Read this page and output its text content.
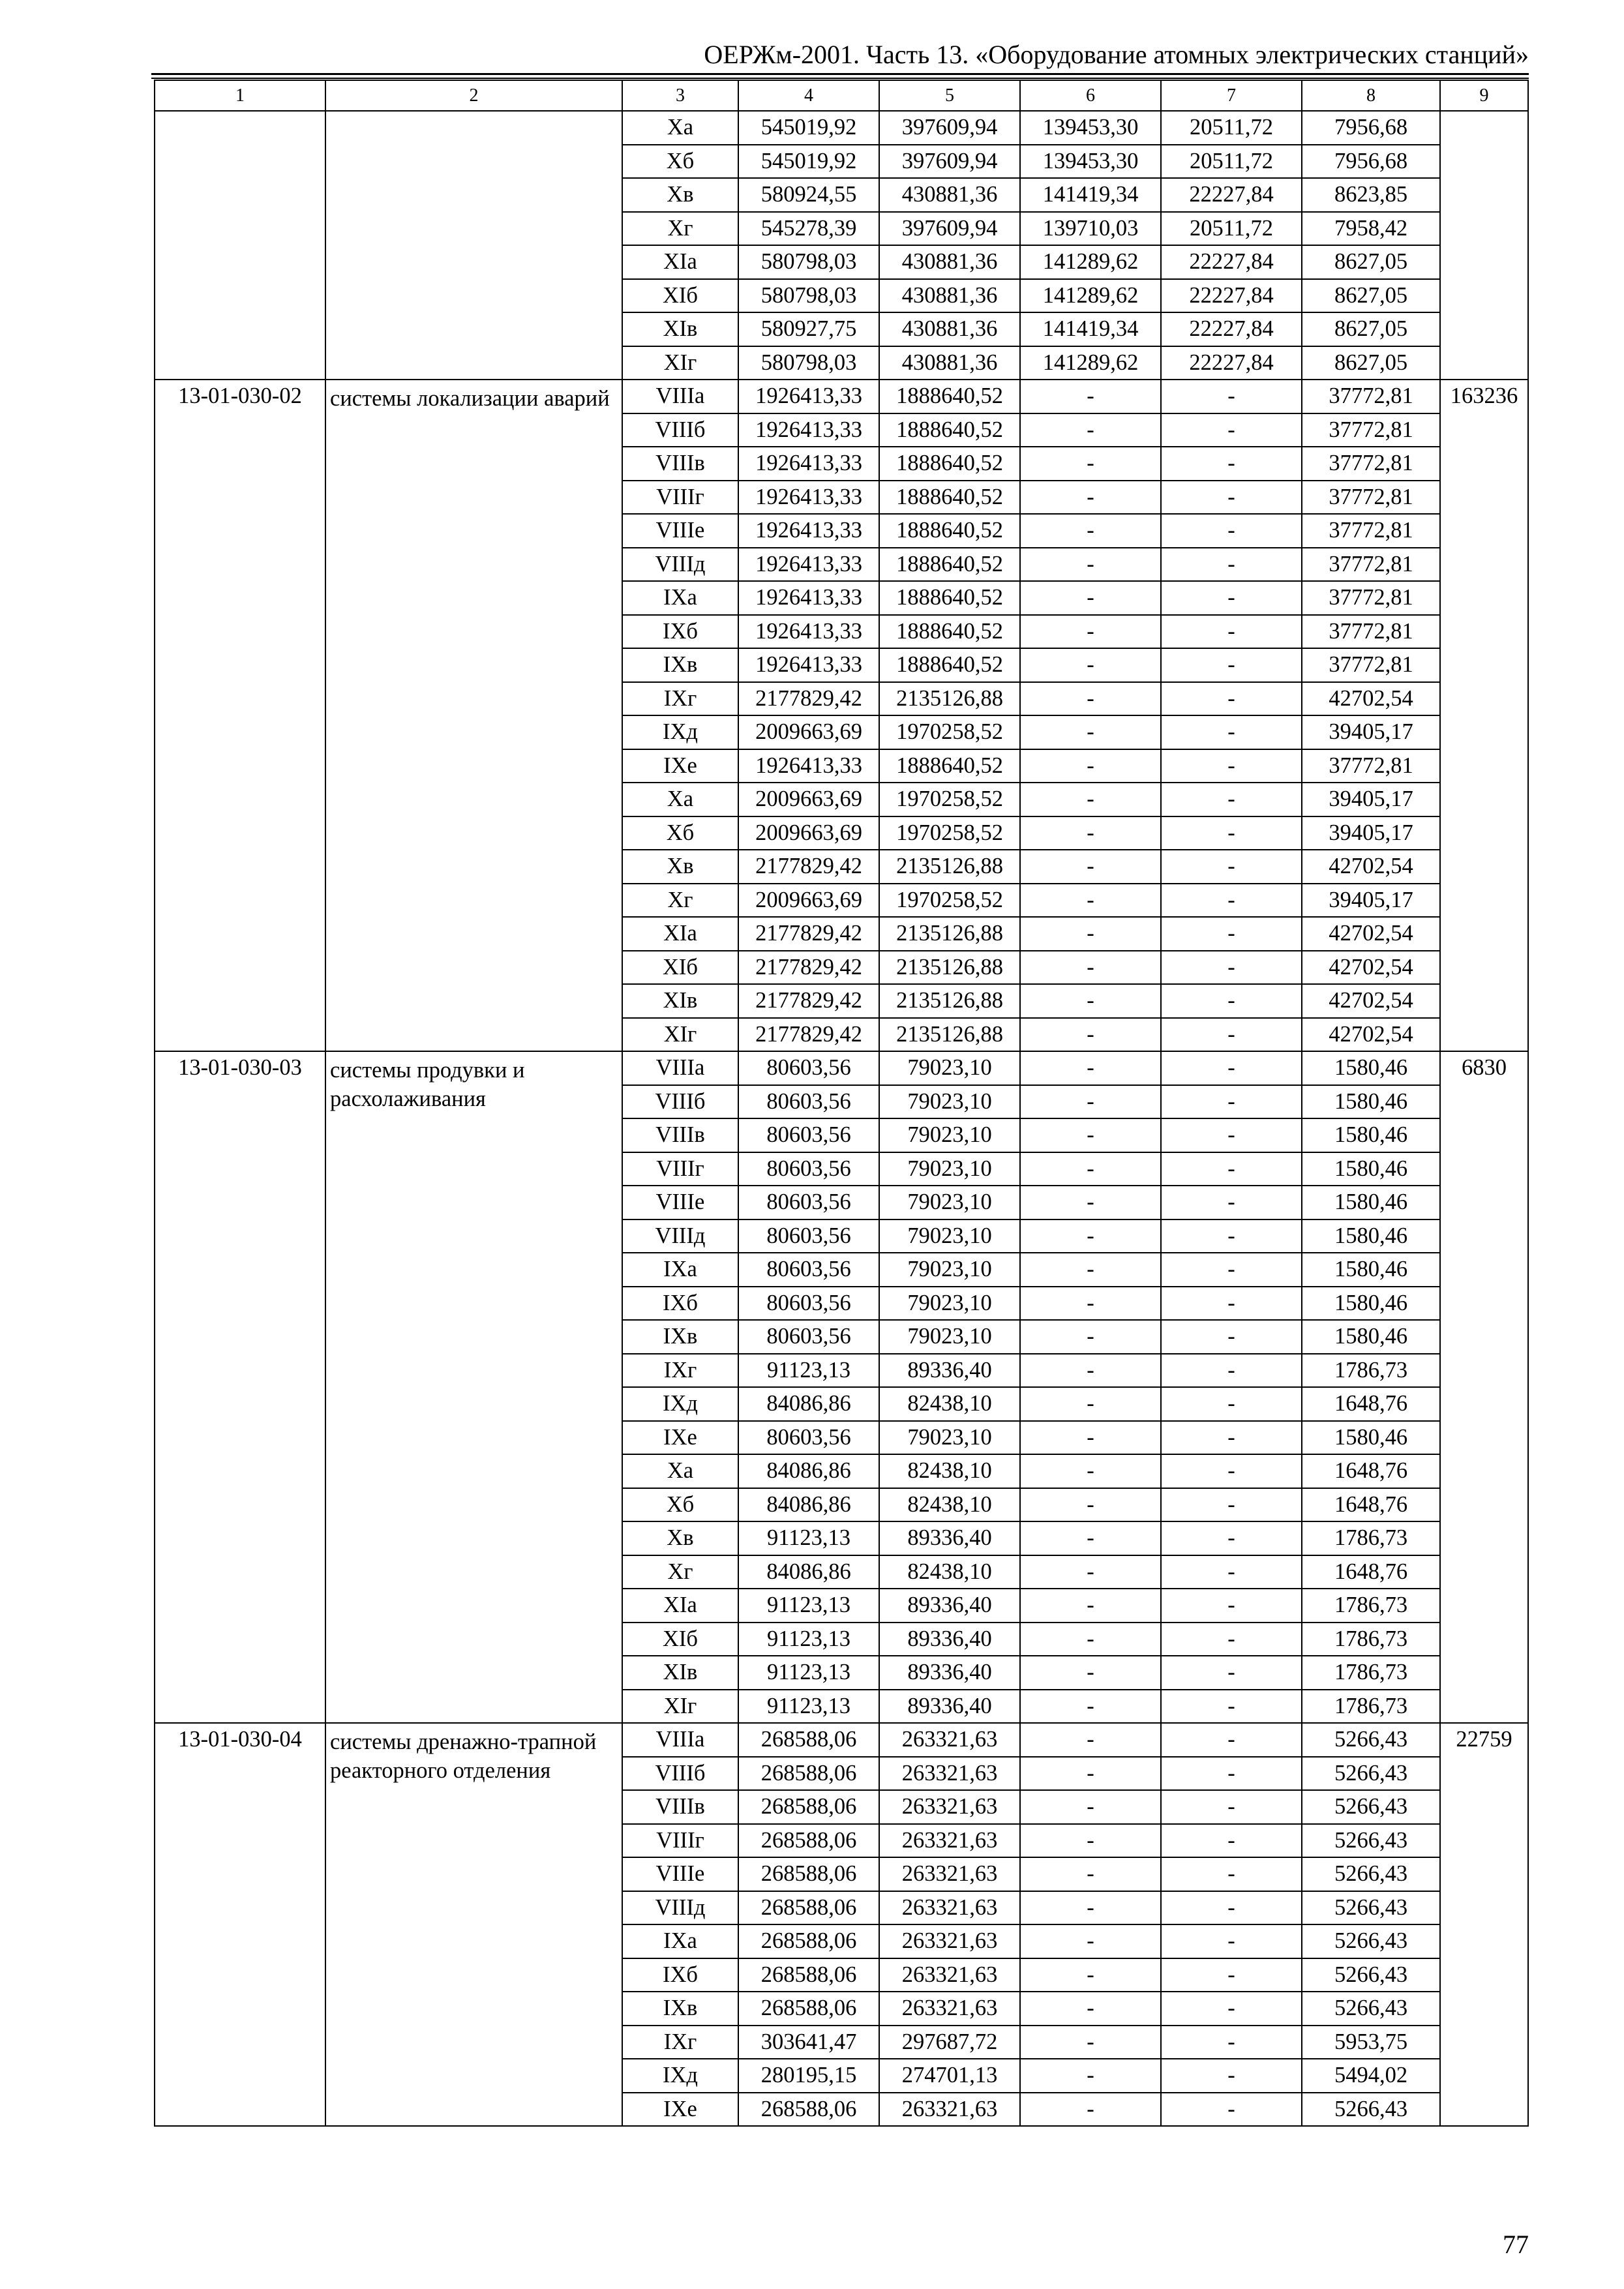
ОЕРЖм-2001. Часть 13. «Оборудование атомных электрических станций»
1	2	3	4	5	6	7	8	9
		Xa	545019,92	397609,94	139453,30	20511,72	7956,68	
		Xб	545019,92	397609,94	139453,30	20511,72	7956,68	
		Xв	580924,55	430881,36	141419,34	22227,84	8623,85	
		Xг	545278,39	397609,94	139710,03	20511,72	7958,42	
		XIa	580798,03	430881,36	141289,62	22227,84	8627,05	
		XIб	580798,03	430881,36	141289,62	22227,84	8627,05	
		XIв	580927,75	430881,36	141419,34	22227,84	8627,05	
		XIг	580798,03	430881,36	141289,62	22227,84	8627,05	
13-01-030-02	системы локализации аварий	VIIIa	1926413,33	1888640,52	-	-	37772,81	163236
		VIIIб	1926413,33	1888640,52	-	-	37772,81	
		VIIIв	1926413,33	1888640,52	-	-	37772,81	
		VIIIг	1926413,33	1888640,52	-	-	37772,81	
		VIIIе	1926413,33	1888640,52	-	-	37772,81	
		VIIIд	1926413,33	1888640,52	-	-	37772,81	
		IXa	1926413,33	1888640,52	-	-	37772,81	
		IXб	1926413,33	1888640,52	-	-	37772,81	
		IXв	1926413,33	1888640,52	-	-	37772,81	
		IXг	2177829,42	2135126,88	-	-	42702,54	
		IXд	2009663,69	1970258,52	-	-	39405,17	
		IXе	1926413,33	1888640,52	-	-	37772,81	
		Xa	2009663,69	1970258,52	-	-	39405,17	
		Xб	2009663,69	1970258,52	-	-	39405,17	
		Xв	2177829,42	2135126,88	-	-	42702,54	
		Xг	2009663,69	1970258,52	-	-	39405,17	
		XIa	2177829,42	2135126,88	-	-	42702,54	
		XIб	2177829,42	2135126,88	-	-	42702,54	
		XIв	2177829,42	2135126,88	-	-	42702,54	
		XIг	2177829,42	2135126,88	-	-	42702,54	
13-01-030-03	системы продувки и расхолаживания	VIIIa	80603,56	79023,10	-	-	1580,46	6830
		VIIIб	80603,56	79023,10	-	-	1580,46	
		VIIIв	80603,56	79023,10	-	-	1580,46	
		VIIIг	80603,56	79023,10	-	-	1580,46	
		VIIIе	80603,56	79023,10	-	-	1580,46	
		VIIIд	80603,56	79023,10	-	-	1580,46	
		IXa	80603,56	79023,10	-	-	1580,46	
		IXб	80603,56	79023,10	-	-	1580,46	
		IXв	80603,56	79023,10	-	-	1580,46	
		IXг	91123,13	89336,40	-	-	1786,73	
		IXд	84086,86	82438,10	-	-	1648,76	
		IXе	80603,56	79023,10	-	-	1580,46	
		Xa	84086,86	82438,10	-	-	1648,76	
		Xб	84086,86	82438,10	-	-	1648,76	
		Xв	91123,13	89336,40	-	-	1786,73	
		Xг	84086,86	82438,10	-	-	1648,76	
		XIa	91123,13	89336,40	-	-	1786,73	
		XIб	91123,13	89336,40	-	-	1786,73	
		XIв	91123,13	89336,40	-	-	1786,73	
		XIг	91123,13	89336,40	-	-	1786,73	
13-01-030-04	системы дренажно-трапной реакторного отделения	VIIIa	268588,06	263321,63	-	-	5266,43	22759
		VIIIб	268588,06	263321,63	-	-	5266,43	
		VIIIв	268588,06	263321,63	-	-	5266,43	
		VIIIг	268588,06	263321,63	-	-	5266,43	
		VIIIе	268588,06	263321,63	-	-	5266,43	
		VIIIд	268588,06	263321,63	-	-	5266,43	
		IXa	268588,06	263321,63	-	-	5266,43	
		IXб	268588,06	263321,63	-	-	5266,43	
		IXв	268588,06	263321,63	-	-	5266,43	
		IXг	303641,47	297687,72	-	-	5953,75	
		IXд	280195,15	274701,13	-	-	5494,02	
		IXе	268588,06	263321,63	-	-	5266,43	
77
